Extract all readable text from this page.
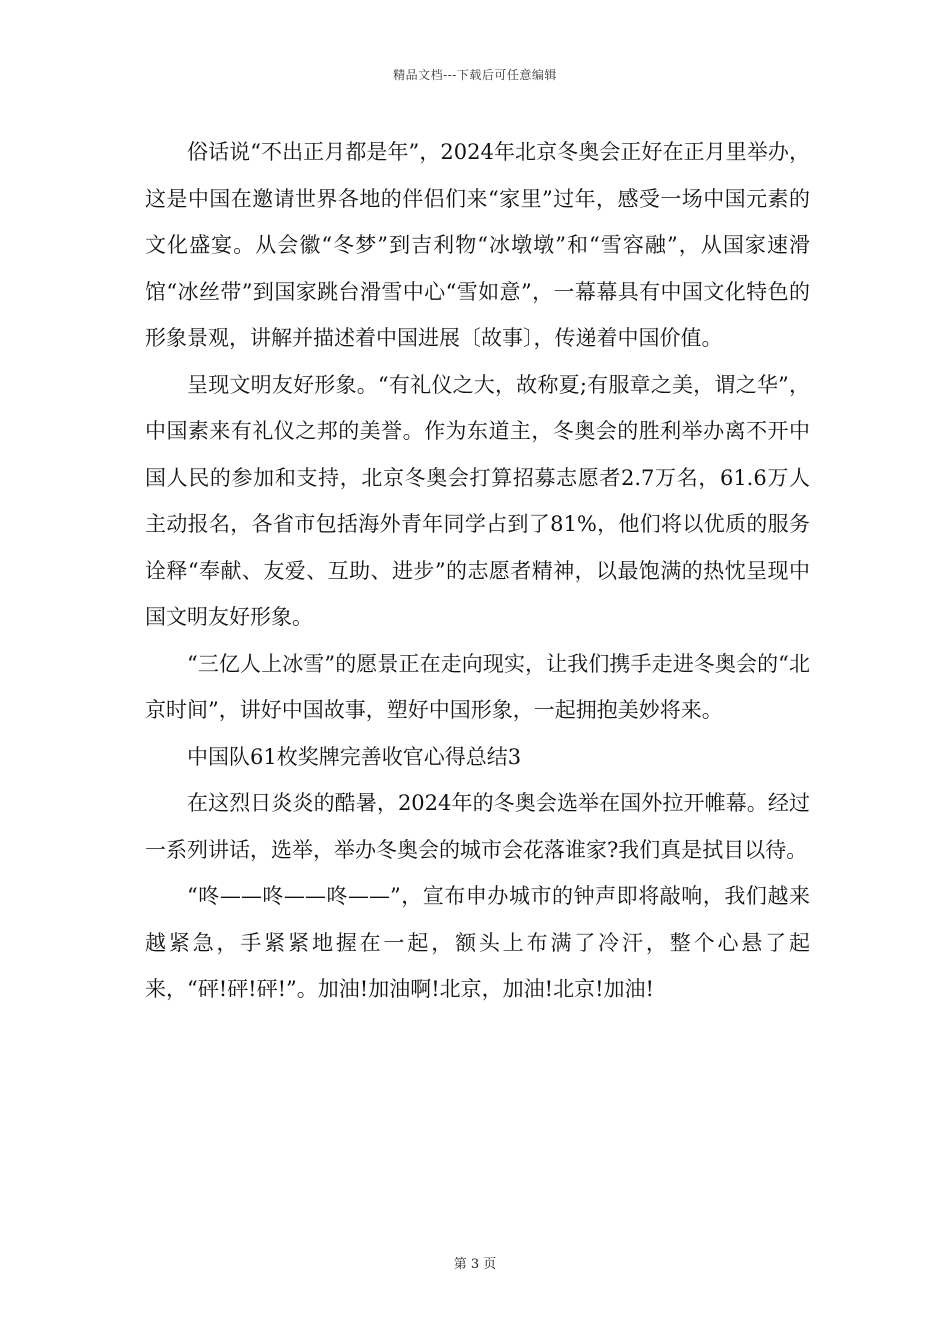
精品文档---下载后可任意编辑

俗话说“不出正月都是年”，2024年北京冬奥会正好在正月里举办，这是中国在邀请世界各地的伴侣们来“家里”过年，感受一场中国元素的文化盛宴。从会徽“冬梦”到吉利物“冰墩墩”和“雪容融”，从国家速滑馆“冰丝带”到国家跳台滑雪中心“雪如意”，一幕幕具有中国文化特色的形象景观，讲解并描述着中国进展〔故事〕，传递着中国价值。

呈现文明友好形象。“有礼仪之大，故称夏;有服章之美，谓之华”，中国素来有礼仪之邦的美誉。作为东道主，冬奥会的胜利举办离不开中国人民的参加和支持，北京冬奥会打算招募志愿者2.7万名，61.6万人主动报名，各省市包括海外青年同学占到了81%，他们将以优质的服务诠释“奉献、友爱、互助、进步”的志愿者精神，以最饱满的热忱呈现中国文明友好形象。

“三亿人上冰雪”的愿景正在走向现实，让我们携手走进冬奥会的“北京时间”，讲好中国故事，塑好中国形象，一起拥抱美妙将来。

中国队61枚奖牌完善收官心得总结3

在这烈日炎炎的酷暑，2024年的冬奥会选举在国外拉开帷幕。经过一系列讲话，选举，举办冬奥会的城市会花落谁家?我们真是拭目以待。

“咚——咚——咚——”，宣布申办城市的钟声即将敲响，我们越来越紧急，手紧紧地握在一起，额头上布满了冷汗，整个心悬了起来，“砰!砰!砰!”。加油!加油啊!北京，加油!北京!加油!

第 3 页
